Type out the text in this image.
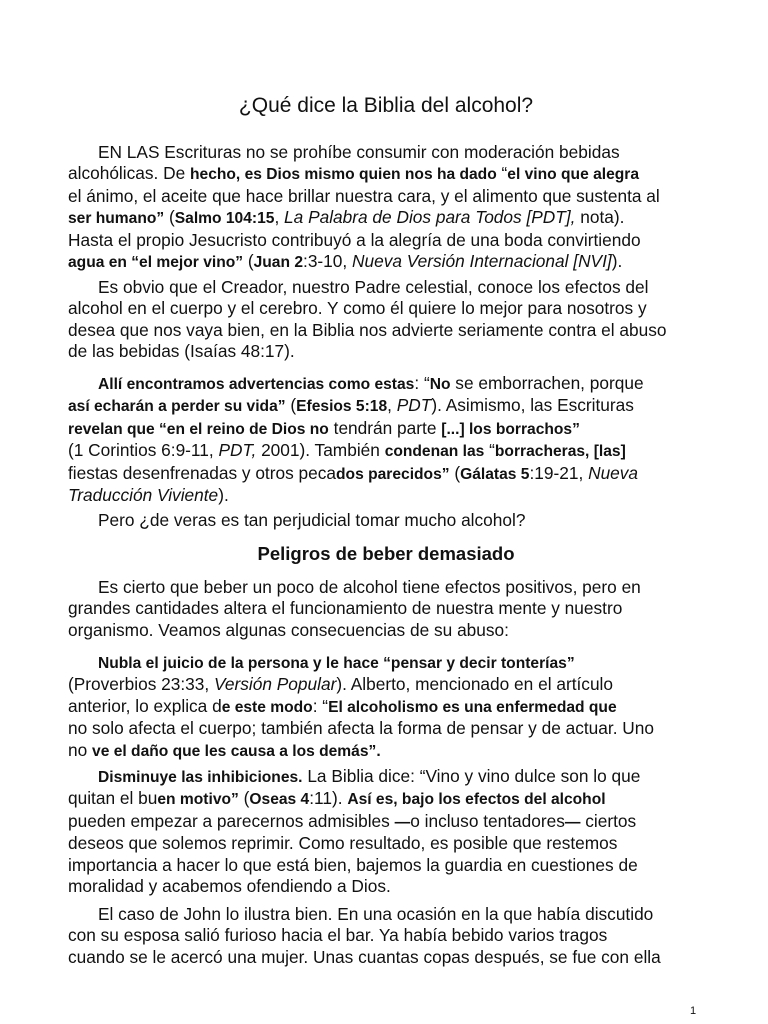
¿Qué dice la Biblia del alcohol?

EN LAS Escrituras no se prohíbe consumir con moderación bebidas
alcohólicas. De hecho, es Dios mismo quien nos ha dado “el vino que alegra
el ánimo, el aceite que hace brillar nuestra cara, y el alimento que sustenta al
ser humano” (Salmo 104:15, La Palabra de Dios para Todos [PDT], nota).
Hasta el propio Jesucristo contribuyó a la alegría de una boda convirtiendo
agua en “el mejor vino” (Juan 2:3-10, Nueva Versión Internacional [NVI]).

Es obvio que el Creador, nuestro Padre celestial, conoce los efectos del
alcohol en el cuerpo y el cerebro. Y como él quiere lo mejor para nosotros y
desea que nos vaya bien, en la Biblia nos advierte seriamente contra el abuso
de las bebidas (Isaías 48:17).

Allí encontramos advertencias como estas: “No se emborrachen, porque
así echarán a perder su vida” (Efesios 5:18, PDT). Asimismo, las Escrituras
revelan que “en el reino de Dios no tendrán parte [...] los borrachos”
(1 Corintios 6:9-11, PDT, 2001). También condenan las “borracheras, [las]
fiestas desenfrenadas y otros pecados parecidos” (Gálatas 5:19-21, Nueva
Traducción Viviente).

Pero ¿de veras es tan perjudicial tomar mucho alcohol?

Peligros de beber demasiado

Es cierto que beber un poco de alcohol tiene efectos positivos, pero en
grandes cantidades altera el funcionamiento de nuestra mente y nuestro
organismo. Veamos algunas consecuencias de su abuso:

Nubla el juicio de la persona y le hace “pensar y decir tonterías”
(Proverbios 23:33, Versión Popular). Alberto, mencionado en el artículo
anterior, lo explica de este modo: “El alcoholismo es una enfermedad que
no solo afecta el cuerpo; también afecta la forma de pensar y de actuar. Uno
no ve el daño que les causa a los demás”.

Disminuye las inhibiciones. La Biblia dice: “Vino y vino dulce son lo que
quitan el buen motivo” (Oseas 4:11). Así es, bajo los efectos del alcohol
pueden empezar a parecernos admisibles —o incluso tentadores— ciertos
deseos que solemos reprimir. Como resultado, es posible que restemos
importancia a hacer lo que está bien, bajemos la guardia en cuestiones de
moralidad y acabemos ofendiendo a Dios.

El caso de John lo ilustra bien. En una ocasión en la que había discutido
con su esposa salió furioso hacia el bar. Ya había bebido varios tragos
cuando se le acercó una mujer. Unas cuantas copas después, se fue con ella

1
